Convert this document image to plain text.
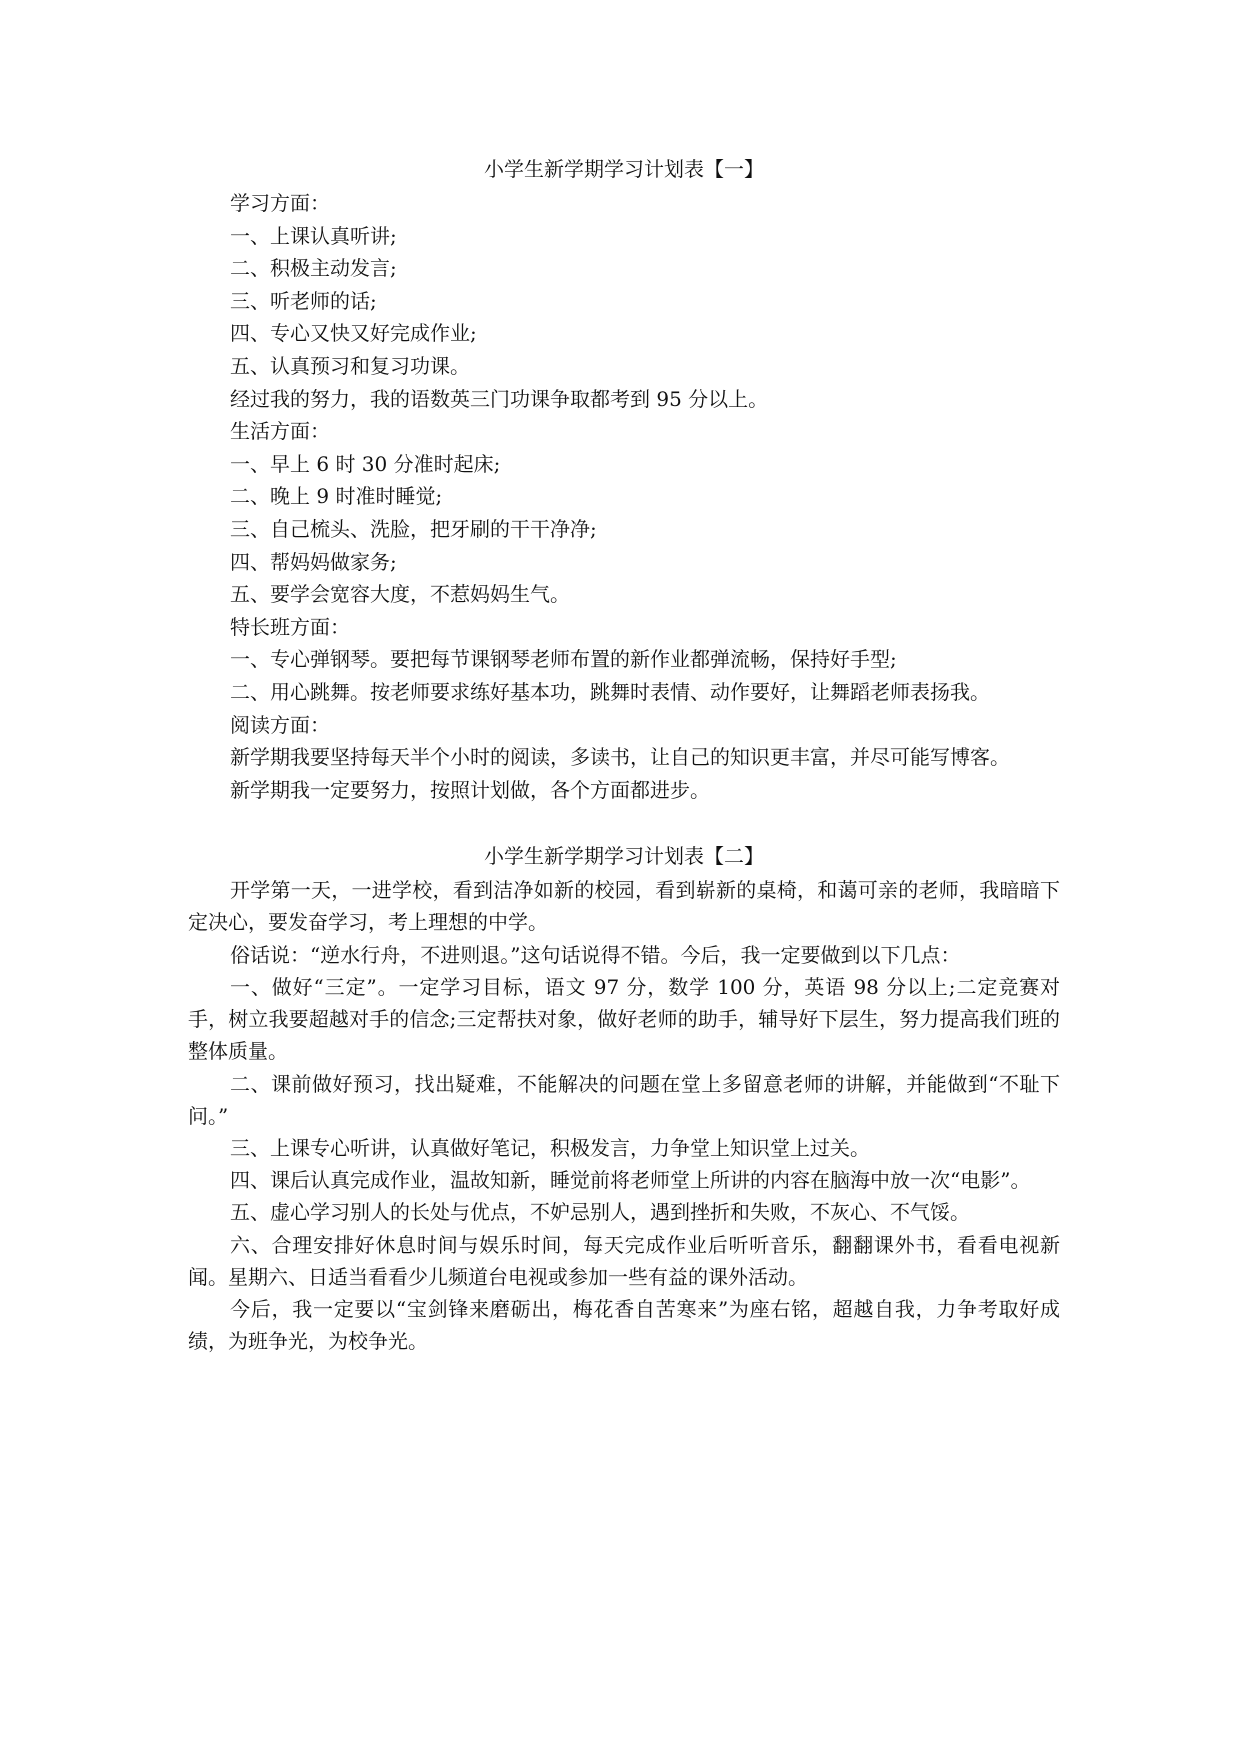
小学生新学期学习计划表【一】

学习方面：

一、上课认真听讲;

二、积极主动发言;

三、听老师的话;

四、专心又快又好完成作业;

五、认真预习和复习功课。

经过我的努力，我的语数英三门功课争取都考到 95 分以上。

生活方面：

一、早上 6 时 30 分准时起床;

二、晚上 9 时准时睡觉;

三、自己梳头、洗脸，把牙刷的干干净净;

四、帮妈妈做家务;

五、要学会宽容大度，不惹妈妈生气。

特长班方面：

一、专心弹钢琴。要把每节课钢琴老师布置的新作业都弹流畅，保持好手型;

二、用心跳舞。按老师要求练好基本功，跳舞时表情、动作要好，让舞蹈老师表扬我。

阅读方面：

新学期我要坚持每天半个小时的阅读，多读书，让自己的知识更丰富，并尽可能写博客。

新学期我一定要努力，按照计划做，各个方面都进步。

小学生新学期学习计划表【二】

开学第一天，一进学校，看到洁净如新的校园，看到崭新的桌椅，和蔼可亲的老师，我暗暗下定决心，要发奋学习，考上理想的中学。

俗话说：“逆水行舟，不进则退。”这句话说得不错。今后，我一定要做到以下几点：

一、做好“三定”。一定学习目标，语文 97 分，数学 100 分，英语 98 分以上;二定竞赛对手，树立我要超越对手的信念;三定帮扶对象，做好老师的助手，辅导好下层生，努力提高我们班的整体质量。

二、课前做好预习，找出疑难，不能解决的问题在堂上多留意老师的讲解，并能做到“不耻下问。”

三、上课专心听讲，认真做好笔记，积极发言，力争堂上知识堂上过关。

四、课后认真完成作业，温故知新，睡觉前将老师堂上所讲的内容在脑海中放一次“电影”。

五、虚心学习别人的长处与优点，不妒忌别人，遇到挫折和失败，不灰心、不气馁。

六、合理安排好休息时间与娱乐时间，每天完成作业后听听音乐，翻翻课外书，看看电视新闻。星期六、日适当看看少儿频道台电视或参加一些有益的课外活动。

今后，我一定要以“宝剑锋来磨砺出，梅花香自苦寒来”为座右铭，超越自我，力争考取好成绩，为班争光，为校争光。
